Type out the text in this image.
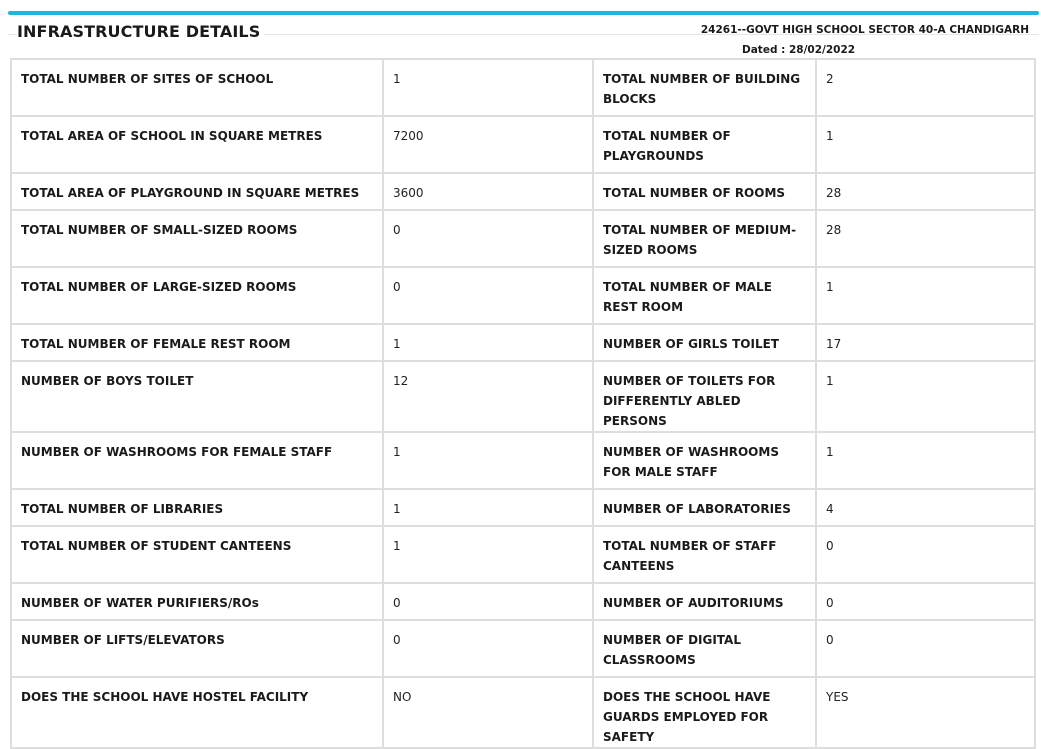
INFRASTRUCTURE DETAILS	24261--GOVT HIGH SCHOOL SECTOR 40-A CHANDIGARH
Dated : 28/02/2022
TOTAL NUMBER OF SITES OF SCHOOL	1	TOTAL NUMBER OF BUILDING BLOCKS	2
TOTAL AREA OF SCHOOL IN SQUARE METRES	7200	TOTAL NUMBER OF PLAYGROUNDS	1
TOTAL AREA OF PLAYGROUND IN SQUARE METRES	3600	TOTAL NUMBER OF ROOMS	28
TOTAL NUMBER OF SMALL-SIZED ROOMS	0	TOTAL NUMBER OF MEDIUM-SIZED ROOMS	28
TOTAL NUMBER OF LARGE-SIZED ROOMS	0	TOTAL NUMBER OF MALE REST ROOM	1
TOTAL NUMBER OF FEMALE REST ROOM	1	NUMBER OF GIRLS TOILET	17
NUMBER OF BOYS TOILET	12	NUMBER OF TOILETS FOR DIFFERENTLY ABLED PERSONS	1
NUMBER OF WASHROOMS FOR FEMALE STAFF	1	NUMBER OF WASHROOMS FOR MALE STAFF	1
TOTAL NUMBER OF LIBRARIES	1	NUMBER OF LABORATORIES	4
TOTAL NUMBER OF STUDENT CANTEENS	1	TOTAL NUMBER OF STAFF CANTEENS	0
NUMBER OF WATER PURIFIERS/ROs	0	NUMBER OF AUDITORIUMS	0
NUMBER OF LIFTS/ELEVATORS	0	NUMBER OF DIGITAL CLASSROOMS	0
DOES THE SCHOOL HAVE HOSTEL FACILITY	NO	DOES THE SCHOOL HAVE GUARDS EMPLOYED FOR SAFETY	YES
